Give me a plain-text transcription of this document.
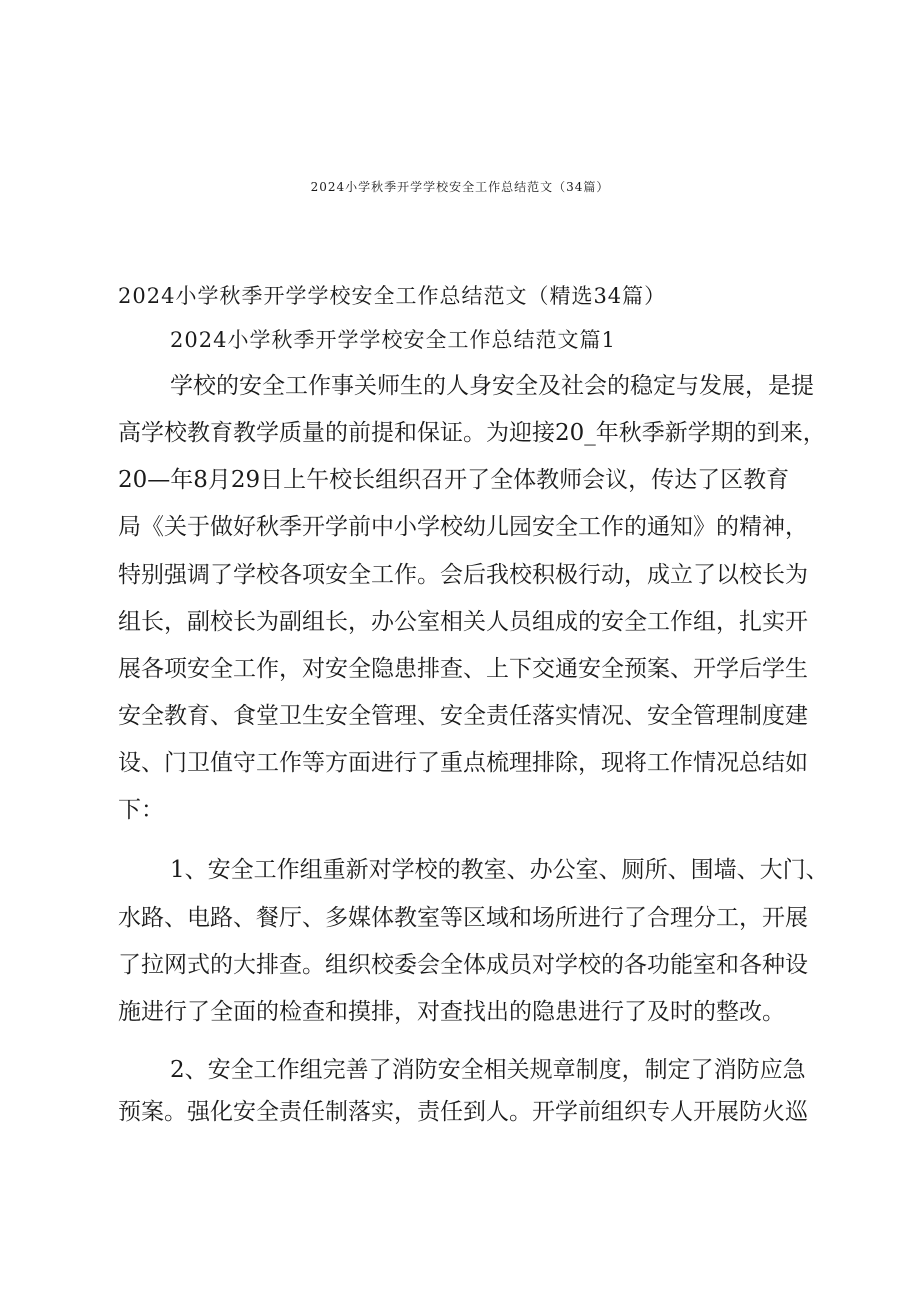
2024小学秋季开学学校安全工作总结范文（34篇）
2024小学秋季开学学校安全工作总结范文（精选34篇）
2024小学秋季开学学校安全工作总结范文篇1
学校的安全工作事关师生的人身安全及社会的稳定与发展，是提
高学校教育教学质量的前提和保证。为迎接20_年秋季新学期的到来，
20—年8月29日上午校长组织召开了全体教师会议，传达了区教育
局《关于做好秋季开学前中小学校幼儿园安全工作的通知》的精神，
特别强调了学校各项安全工作。会后我校积极行动，成立了以校长为
组长，副校长为副组长，办公室相关人员组成的安全工作组，扎实开
展各项安全工作，对安全隐患排查、上下交通安全预案、开学后学生
安全教育、食堂卫生安全管理、安全责任落实情况、安全管理制度建
设、门卫值守工作等方面进行了重点梳理排除，现将工作情况总结如
下：
1、安全工作组重新对学校的教室、办公室、厕所、围墙、大门、
水路、电路、餐厅、多媒体教室等区域和场所进行了合理分工，开展
了拉网式的大排查。组织校委会全体成员对学校的各功能室和各种设
施进行了全面的检查和摸排，对查找出的隐患进行了及时的整改。
2、安全工作组完善了消防安全相关规章制度，制定了消防应急
预案。强化安全责任制落实，责任到人。开学前组织专人开展防火巡
